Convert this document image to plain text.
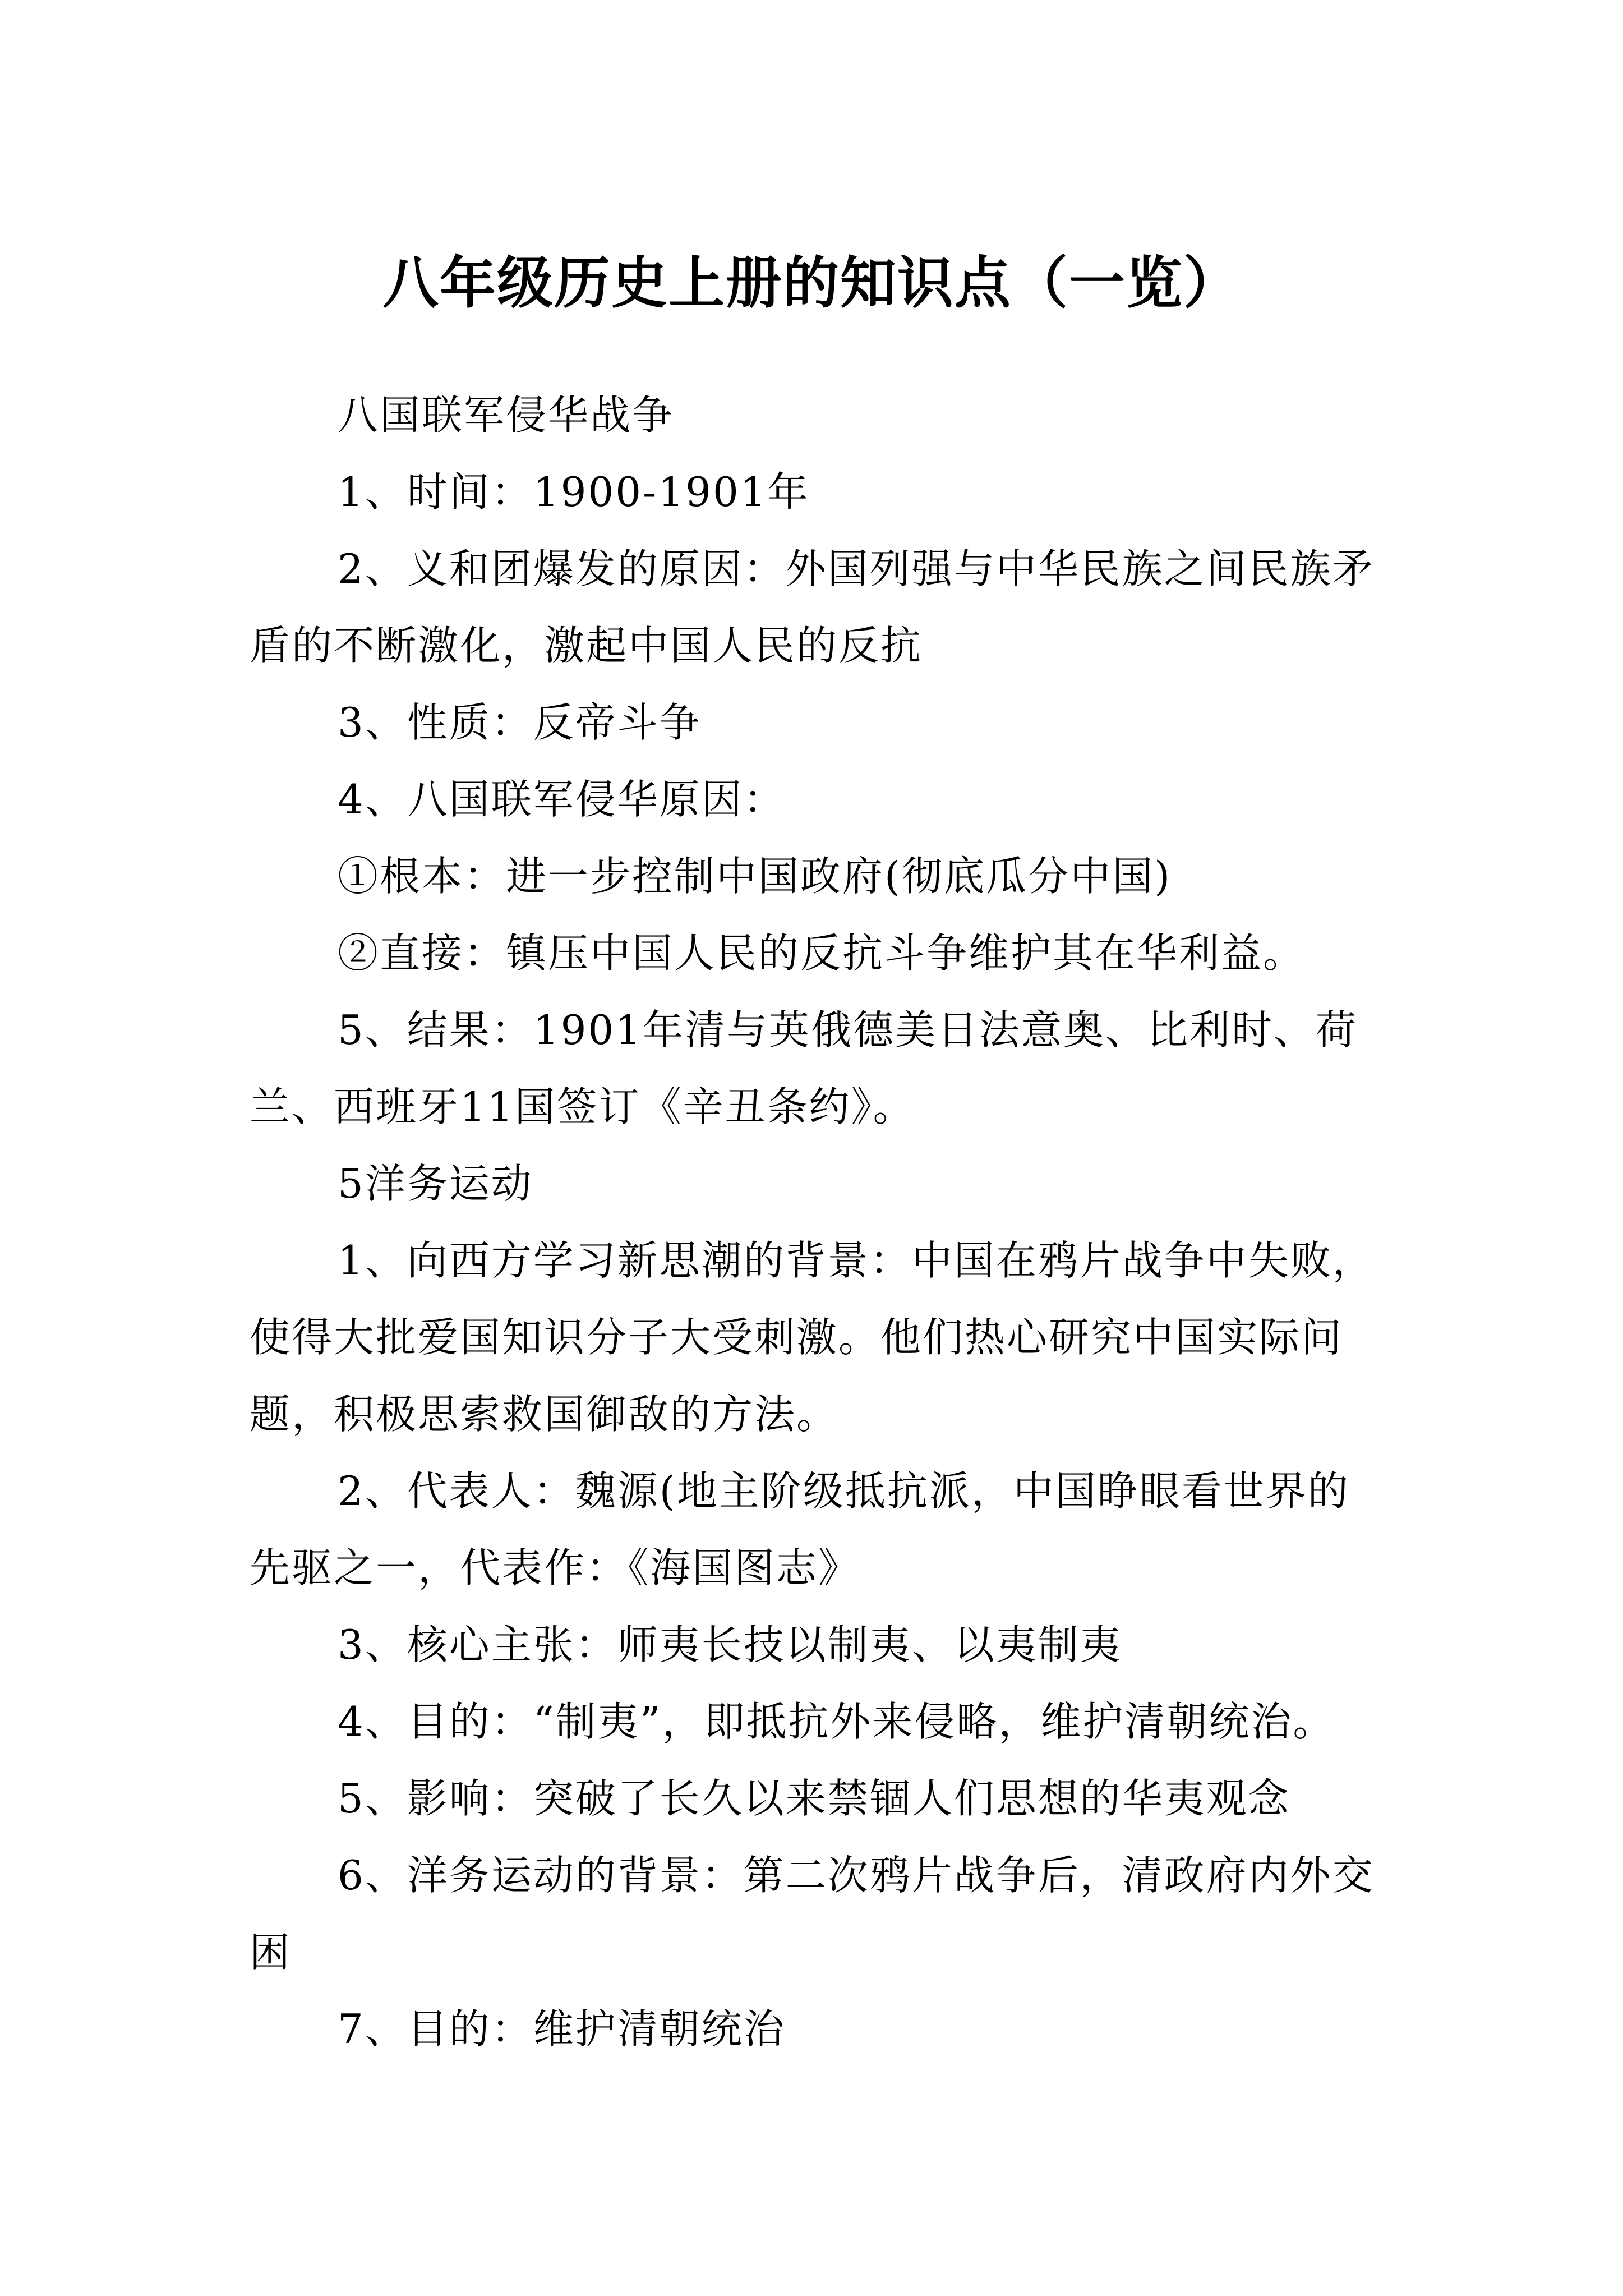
八年级历史上册的知识点（一览）

八国联军侵华战争

1、时间：1900-1901年

2、义和团爆发的原因：外国列强与中华民族之间民族矛盾的不断激化，激起中国人民的反抗

3、性质：反帝斗争

4、八国联军侵华原因：

①根本：进一步控制中国政府(彻底瓜分中国)

②直接：镇压中国人民的反抗斗争维护其在华利益。

5、结果：1901年清与英俄德美日法意奥、比利时、荷兰、西班牙11国签订《辛丑条约》。

5洋务运动

1、向西方学习新思潮的背景：中国在鸦片战争中失败，使得大批爱国知识分子大受刺激。他们热心研究中国实际问题，积极思索救国御敌的方法。

2、代表人：魏源(地主阶级抵抗派，中国睁眼看世界的先驱之一，代表作：《海国图志》

3、核心主张：师夷长技以制夷、以夷制夷

4、目的：“制夷”，即抵抗外来侵略，维护清朝统治。

5、影响：突破了长久以来禁锢人们思想的华夷观念

6、洋务运动的背景：第二次鸦片战争后，清政府内外交困

7、目的：维护清朝统治
